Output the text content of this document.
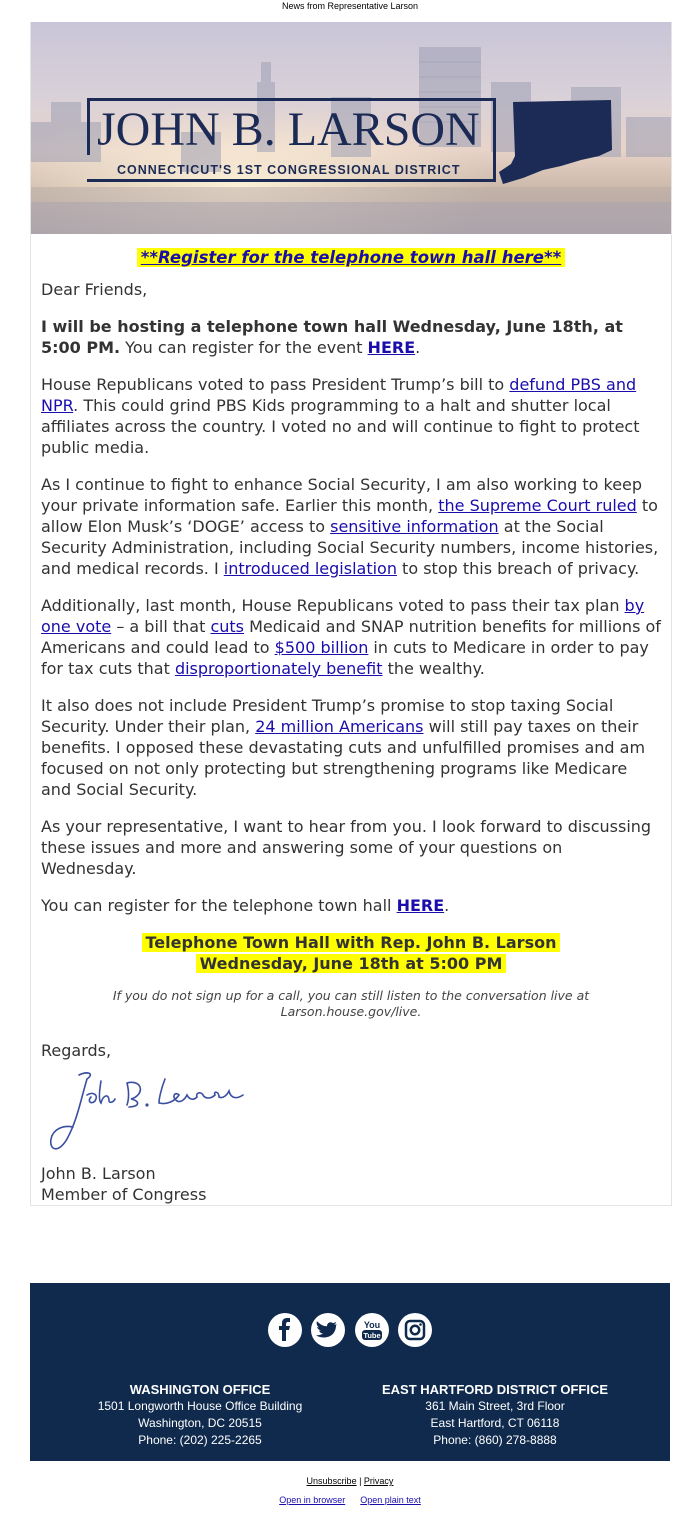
News from Representative Larson
JOHN B. LARSON
CONNECTICUT'S 1ST CONGRESSIONAL DISTRICT
**Register for the telephone town hall here**

Dear Friends,

I will be hosting a telephone town hall Wednesday, June 18th, at 5:00 PM. You can register for the event HERE.

House Republicans voted to pass President Trump’s bill to defund PBS and NPR. This could grind PBS Kids programming to a halt and shutter local affiliates across the country. I voted no and will continue to fight to protect public media.

As I continue to fight to enhance Social Security, I am also working to keep your private information safe. Earlier this month, the Supreme Court ruled to allow Elon Musk’s ‘DOGE’ access to sensitive information at the Social Security Administration, including Social Security numbers, income histories, and medical records. I introduced legislation to stop this breach of privacy.

Additionally, last month, House Republicans voted to pass their tax plan by one vote – a bill that cuts Medicaid and SNAP nutrition benefits for millions of Americans and could lead to $500 billion in cuts to Medicare in order to pay for tax cuts that disproportionately benefit the wealthy.

It also does not include President Trump’s promise to stop taxing Social Security. Under their plan, 24 million Americans will still pay taxes on their benefits. I opposed these devastating cuts and unfulfilled promises and am focused on not only protecting but strengthening programs like Medicare and Social Security.

As your representative, I want to hear from you. I look forward to discussing these issues and more and answering some of your questions on Wednesday.

You can register for the telephone town hall HERE.

Telephone Town Hall with Rep. John B. Larson
Wednesday, June 18th at 5:00 PM

If you do not sign up for a call, you can still listen to the conversation live at
Larson.house.gov/live.

Regards,

John B. Larson

Member of Congress

You
Tube

WASHINGTON OFFICE
1501 Longworth House Office Building
Washington, DC 20515
Phone: (202) 225-2265
EAST HARTFORD DISTRICT OFFICE
361 Main Street, 3rd Floor
East Hartford, CT 06118
Phone: (860) 278-8888
Unsubscribe | Privacy
Open in browser Open plain text
